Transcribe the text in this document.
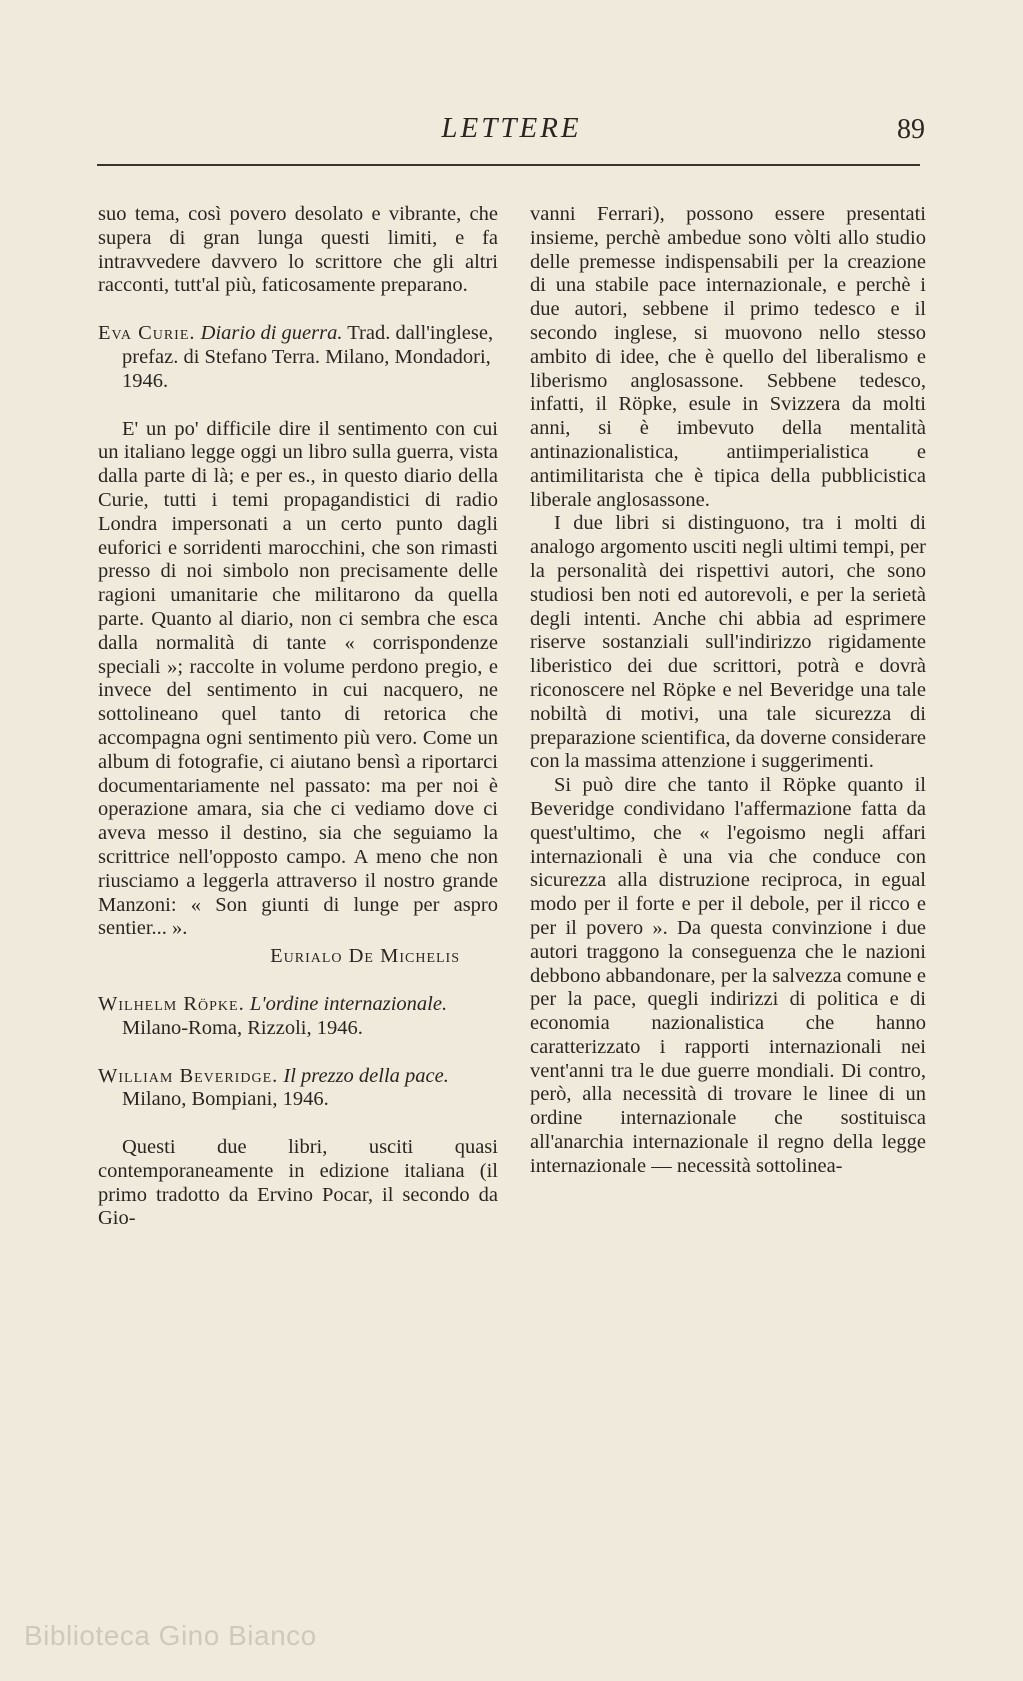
LETTERE	89

suo tema, così povero desolato e vibrante, che supera di gran lunga questi limiti, e fa intravvedere davvero lo scrittore che gli altri racconti, tutt'al più, faticosamente preparano.

Eva Curie. Diario di guerra. Trad. dall'inglese, prefaz. di Stefano Terra. Milano, Mondadori, 1946.

E' un po' difficile dire il sentimento con cui un italiano legge oggi un libro sulla guerra, vista dalla parte di là; e per es., in questo diario della Curie, tutti i temi propagandistici di radio Londra impersonati a un certo punto dagli euforici e sorridenti marocchini, che son rimasti presso di noi simbolo non precisamente delle ragioni umanitarie che militarono da quella parte. Quanto al diario, non ci sembra che esca dalla normalità di tante « corrispondenze speciali »; raccolte in volume perdono pregio, e invece del sentimento in cui nacquero, ne sottolineano quel tanto di retorica che accompagna ogni sentimento più vero. Come un album di fotografie, ci aiutano bensì a riportarci documentariamente nel passato: ma per noi è operazione amara, sia che ci vediamo dove ci aveva messo il destino, sia che seguiamo la scrittrice nell'opposto campo. A meno che non riusciamo a leggerla attraverso il nostro grande Manzoni: « Son giunti di lunge per aspro sentier... ».

Eurialo De Michelis

Wilhelm Röpke. L'ordine internazionale. Milano-Roma, Rizzoli, 1946.

William Beveridge. Il prezzo della pace. Milano, Bompiani, 1946.

Questi due libri, usciti quasi contemporaneamente in edizione italiana (il primo tradotto da Ervino Pocar, il secondo da Gio-

vanni Ferrari), possono essere presentati insieme, perchè ambedue sono vòlti allo studio delle premesse indispensabili per la creazione di una stabile pace internazionale, e perchè i due autori, sebbene il primo tedesco e il secondo inglese, si muovono nello stesso ambito di idee, che è quello del liberalismo e liberismo anglosassone. Sebbene tedesco, infatti, il Röpke, esule in Svizzera da molti anni, si è imbevuto della mentalità antinazionalistica, antiimperialistica e antimilitarista che è tipica della pubblicistica liberale anglosassone.

I due libri si distinguono, tra i molti di analogo argomento usciti negli ultimi tempi, per la personalità dei rispettivi autori, che sono studiosi ben noti ed autorevoli, e per la serietà degli intenti. Anche chi abbia ad esprimere riserve sostanziali sull'indirizzo rigidamente liberistico dei due scrittori, potrà e dovrà riconoscere nel Röpke e nel Beveridge una tale nobiltà di motivi, una tale sicurezza di preparazione scientifica, da doverne considerare con la massima attenzione i suggerimenti.

Si può dire che tanto il Röpke quanto il Beveridge condividano l'affermazione fatta da quest'ultimo, che « l'egoismo negli affari internazionali è una via che conduce con sicurezza alla distruzione reciproca, in egual modo per il forte e per il debole, per il ricco e per il povero ». Da questa convinzione i due autori traggono la conseguenza che le nazioni debbono abbandonare, per la salvezza comune e per la pace, quegli indirizzi di politica e di economia nazionalistica che hanno caratterizzato i rapporti internazionali nei vent'anni tra le due guerre mondiali. Di contro, però, alla necessità di trovare le linee di un ordine internazionale che sostituisca all'anarchia internazionale il regno della legge internazionale — necessità sottolinea-

Biblioteca Gino Bianco
